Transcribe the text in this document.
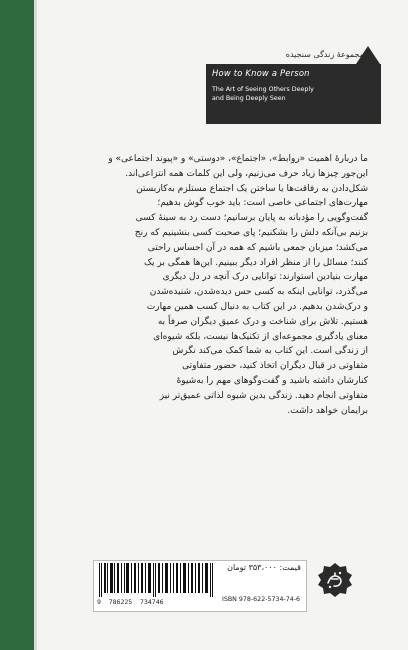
مجموعهٔ زندگی سنجیده
How to Know a Person
The Art of Seeing Others Deeply
and Being Deeply Seen

ما دربارهٔ اهمیت «روابط»، «اجتماع»، «دوستی» و «پیوند اجتماعی» و

این‌جور چیزها زیاد حرف می‌زنیم، ولی این کلمات همه انتزاعی‌اند.

شکل‌دادن به رفاقت‌ها یا ساختن یک اجتماع مستلزم به‌کاربستن

مهارت‌های اجتماعی خاصی است: باید خوب گوش بدهیم؛

گفت‌وگویی را مؤدبانه به پایان برسانیم؛ دست رد به سینهٔ کسی

بزنیم بی‌آنکه دلش را بشکنیم؛ پای صحبت کسی بنشینیم که رنج

می‌کشد؛ میزبان جمعی باشیم که همه در آن احساس راحتی

کنند؛ مسائل را از منظر افراد دیگر ببینیم. این‌ها همگی بر یک

مهارت بنیادین استوارند: توانایی درک آنچه در دل دیگری

می‌گذرد، توانایی اینکه به کسی حس دیده‌شدن، شنیده‌شدن

و درک‌شدن بدهیم. در این کتاب به دنبال کسب همین مهارت

هستیم. تلاش برای شناخت و درک عمیق دیگران صرفاً به

معنای یادگیری مجموعه‌ای از تکنیک‌ها نیست، بلکه شیوه‌ای

از زندگی است. این کتاب به شما کمک می‌کند نگرش

متفاوتی در قبال دیگران اتخاذ کنید، حضور متفاوتی

کنارشان داشته باشید و گفت‌وگوهای مهم را به‌شیوهٔ

متفاوتی انجام دهید. زندگی بدین شیوه لذاتی عمیق‌تر نیز

برایمان خواهد داشت.

قیمت: ۳۵۳،۰۰۰ تومان
9  786225  734746	ISBN 978-622-5734-74-6
